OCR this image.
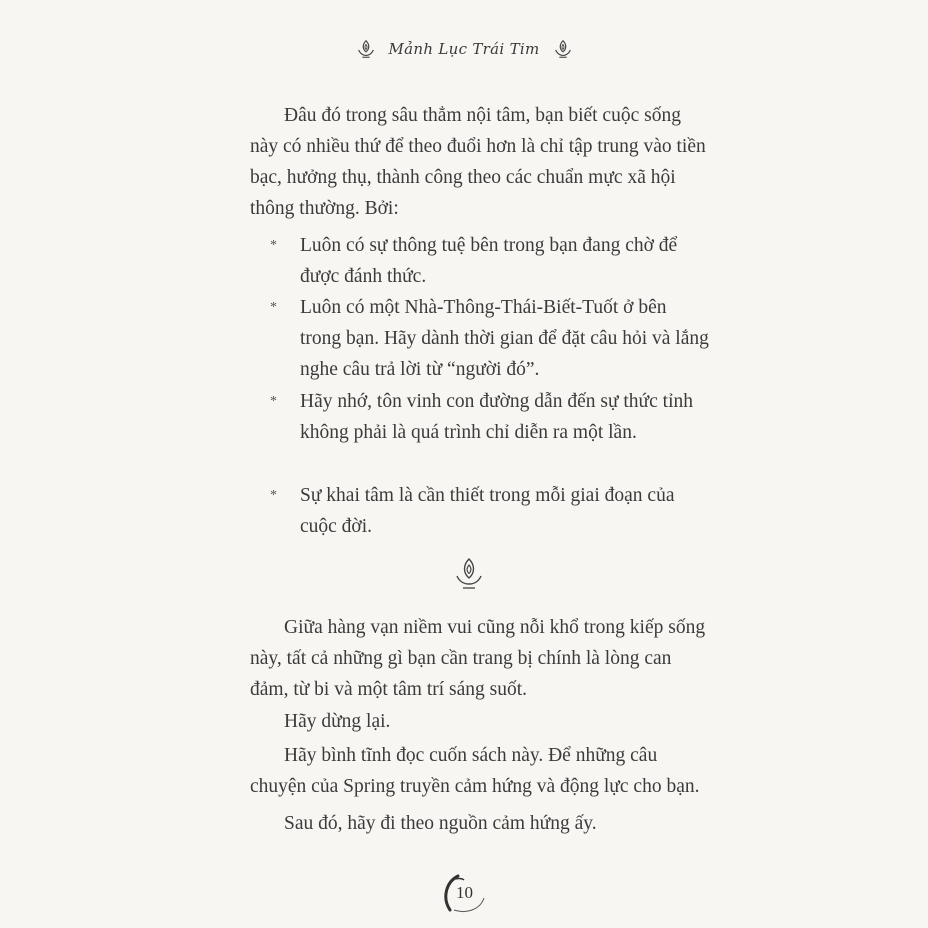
Mảnh Lục Trái Tim

Đâu đó trong sâu thẳm nội tâm, bạn biết cuộc sống này có nhiều thứ để theo đuổi hơn là chỉ tập trung vào tiền bạc, hưởng thụ, thành công theo các chuẩn mực xã hội thông thường. Bởi:

*	Luôn có sự thông tuệ bên trong bạn đang chờ để được đánh thức.
*	Luôn có một Nhà-Thông-Thái-Biết-Tuốt ở bên trong bạn. Hãy dành thời gian để đặt câu hỏi và lắng nghe câu trả lời từ “người đó”.
*	Hãy nhớ, tôn vinh con đường dẫn đến sự thức tỉnh không phải là quá trình chỉ diễn ra một lần.
*	Sự khai tâm là cần thiết trong mỗi giai đoạn của cuộc đời.

Giữa hàng vạn niềm vui cũng nỗi khổ trong kiếp sống này, tất cả những gì bạn cần trang bị chính là lòng can đảm, từ bi và một tâm trí sáng suốt.

Hãy dừng lại.

Hãy bình tĩnh đọc cuốn sách này. Để những câu chuyện của Spring truyền cảm hứng và động lực cho bạn.

Sau đó, hãy đi theo nguồn cảm hứng ấy.

10
